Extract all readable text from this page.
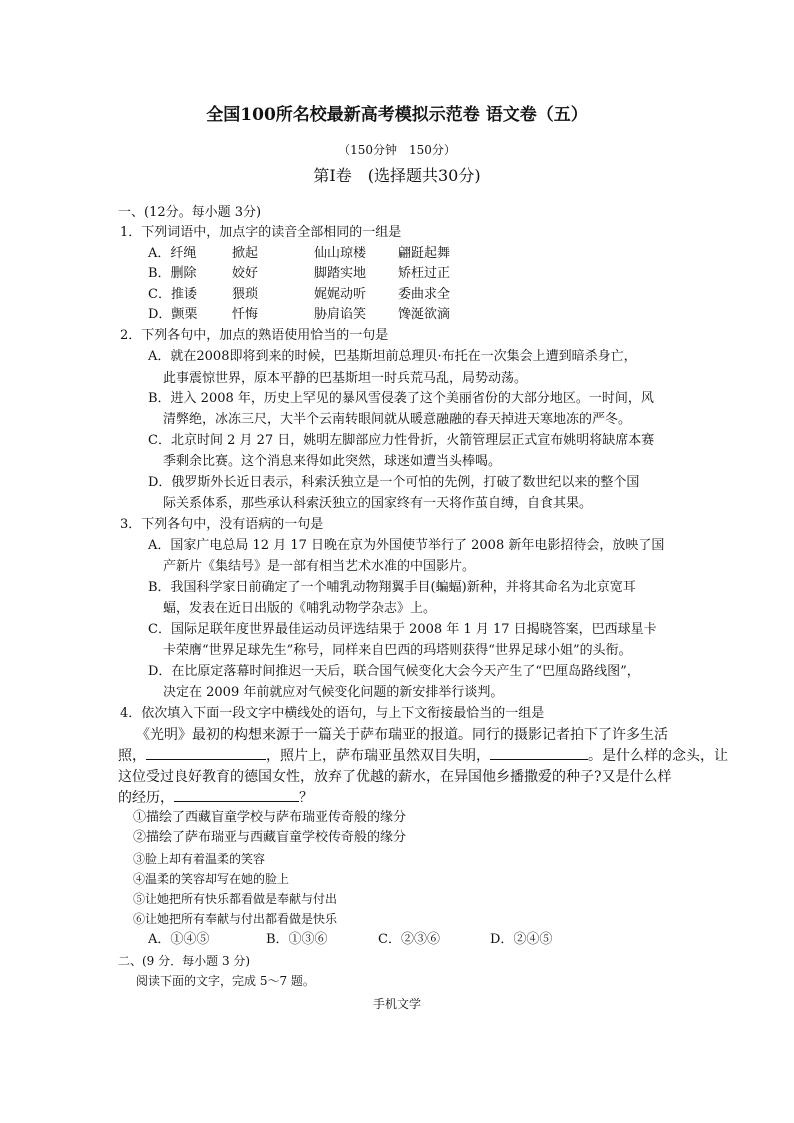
全国100所名校最新高考模拟示范卷 语文卷（五）
（150分钟　150分）
第Ⅰ卷　(选择题共30分)
一、(12分。每小题 3分)
1．下列词语中，加点字的读音全部相同的一组是
A．纤绳	掀起	仙山琼楼 翩跹起舞
B．删除	姣好	脚踏实地 矫枉过正
C．推诿	猥琐	娓娓动听 委曲求全
D．颤栗	忏悔	胁肩谄笑 馋涎欲滴
2．下列各句中，加点的熟语使用恰当的一句是
A．就在2008即将到来的时候，巴基斯坦前总理贝·布托在一次集会上遭到暗杀身亡，
此事震惊世界，原本平静的巴基斯坦一时兵荒马乱，局势动荡。
B．进入 2008 年，历史上罕见的暴风雪侵袭了这个美丽省份的大部分地区。一时间，风
清弊绝，冰冻三尺，大半个云南转眼间就从暖意融融的春天掉进天寒地冻的严冬。
C．北京时间 2 月 27 日，姚明左脚部应力性骨折，火箭管理层正式宣布姚明将缺席本赛
季剩余比赛。这个消息来得如此突然，球迷如遭当头棒喝。
D．俄罗斯外长近日表示，科索沃独立是一个可怕的先例，打破了数世纪以来的整个国
际关系体系，那些承认科索沃独立的国家终有一天将作茧自缚，自食其果。
3．下列各句中，没有语病的一句是
A．国家广电总局 12 月 17 日晚在京为外国使节举行了 2008 新年电影招待会，放映了国
产新片《集结号》是一部有相当艺术水准的中国影片。
B．我国科学家日前确定了一个哺乳动物翔翼手目(蝙蝠)新种，并将其命名为北京宽耳
蝠，发表在近日出版的《哺乳动物学杂志》上。
C．国际足联年度世界最佳运动员评选结果于 2008 年 1 月 17 日揭晓答案，巴西球星卡
卡荣膺“世界足球先生”称号，同样来自巴西的玛塔则获得“世界足球小姐”的头衔。
D．在比原定落幕时间推迟一天后，联合国气候变化大会今天产生了“巴厘岛路线图”，
决定在 2009 年前就应对气候变化问题的新安排举行谈判。
4．依次填入下面一段文字中横线处的语句，与上下文衔接最恰当的一组是
《光明》最初的构想来源于一篇关于萨布瑞亚的报道。同行的摄影记者拍下了许多生活
照，	，照片上，萨布瑞亚虽然双目失明，	。是什么样的念头，让
这位受过良好教育的德国女性，放弃了优越的薪水，在异国他乡播撒爱的种子?又是什么样
的经历，	？
①描绘了西藏盲童学校与萨布瑞亚传奇般的缘分
②描绘了萨布瑞亚与西藏盲童学校传奇般的缘分
③脸上却有着温柔的笑容
④温柔的笑容却写在她的脸上
⑤让她把所有快乐都看做是奉献与付出
⑥让她把所有奉献与付出都看做是快乐
A．①④⑤	B．①③⑥	C．②③⑥	D．②④⑤
二、(9 分．每小题 3 分)
阅读下面的文字，完成 5～7 题。
手机文学
